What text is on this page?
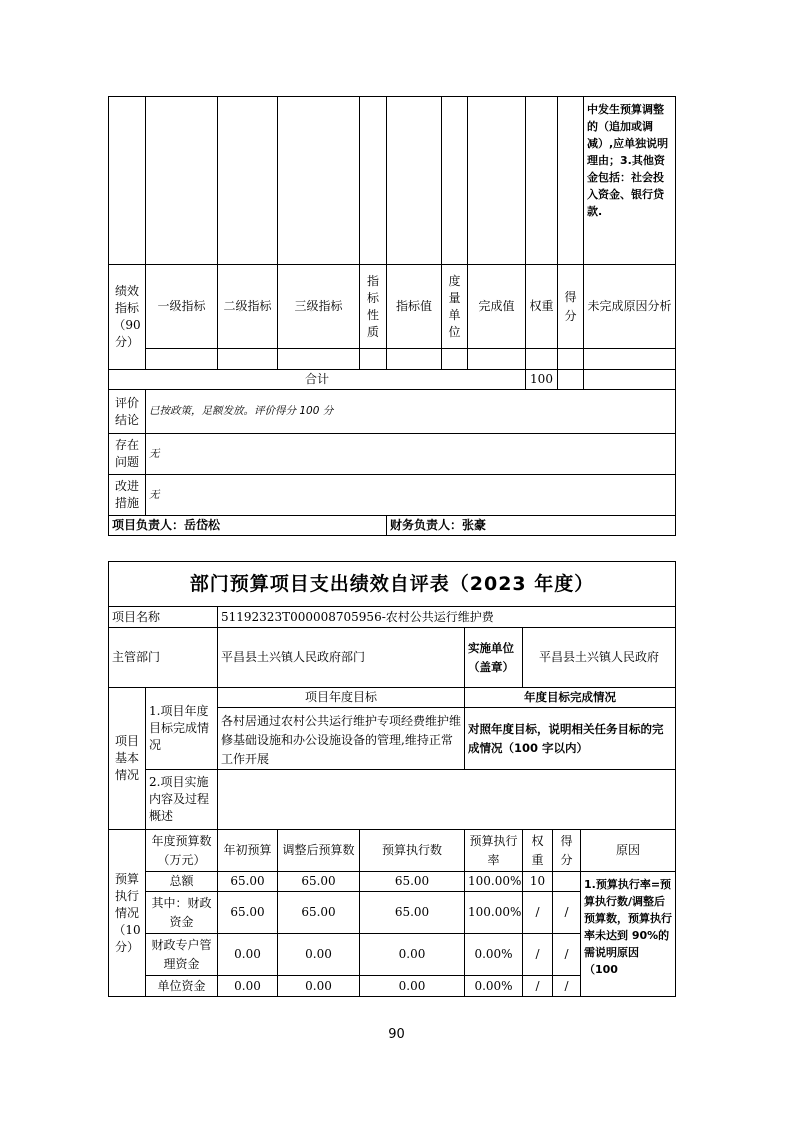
										中发生预算调整的（追加或调减）,应单独说明理由；3.其他资金包括：社会投入资金、银行贷款.
绩效指标（90分）	一级指标	二级指标	三级指标	指标性质	指标值	度量单位	完成值	权重	得分	未完成原因分析

合计								100		
评价结论	已按政策，足额发放。评价得分 100 分									
存在问题	无									
改进措施	无									
项目负责人：岳岱松					财务负责人：张豪					
部门预算项目支出绩效自评表（2023 年度）								
项目名称		51192323T000008705956-农村公共运行维护费						
主管部门		平昌县土兴镇人民政府部门			实施单位（盖章）	平昌县土兴镇人民政府		
项目基本情况	1.项目年度目标完成情况	项目年度目标			年度目标完成情况			
		各村居通过农村公共运行维护专项经费维护维修基础设施和办公设施设备的管理,维持正常工作开展			对照年度目标，说明相关任务目标的完成情况（100 字以内）			
	2.项目实施内容及过程概述							
预算执行情况（10分）	年度预算数（万元）	年初预算	调整后预算数	预算执行数	预算执行率	权重	得分	原因
	总额	65.00	65.00	65.00	100.00%	10		1.预算执行率=预算执行数/调整后预算数，预算执行率未达到 90%的需说明原因（100
	其中：财政资金	65.00	65.00	65.00	100.00%	/	/	
	财政专户管理资金	0.00	0.00	0.00	0.00%	/	/	
	单位资金	0.00	0.00	0.00	0.00%	/	/	
90
